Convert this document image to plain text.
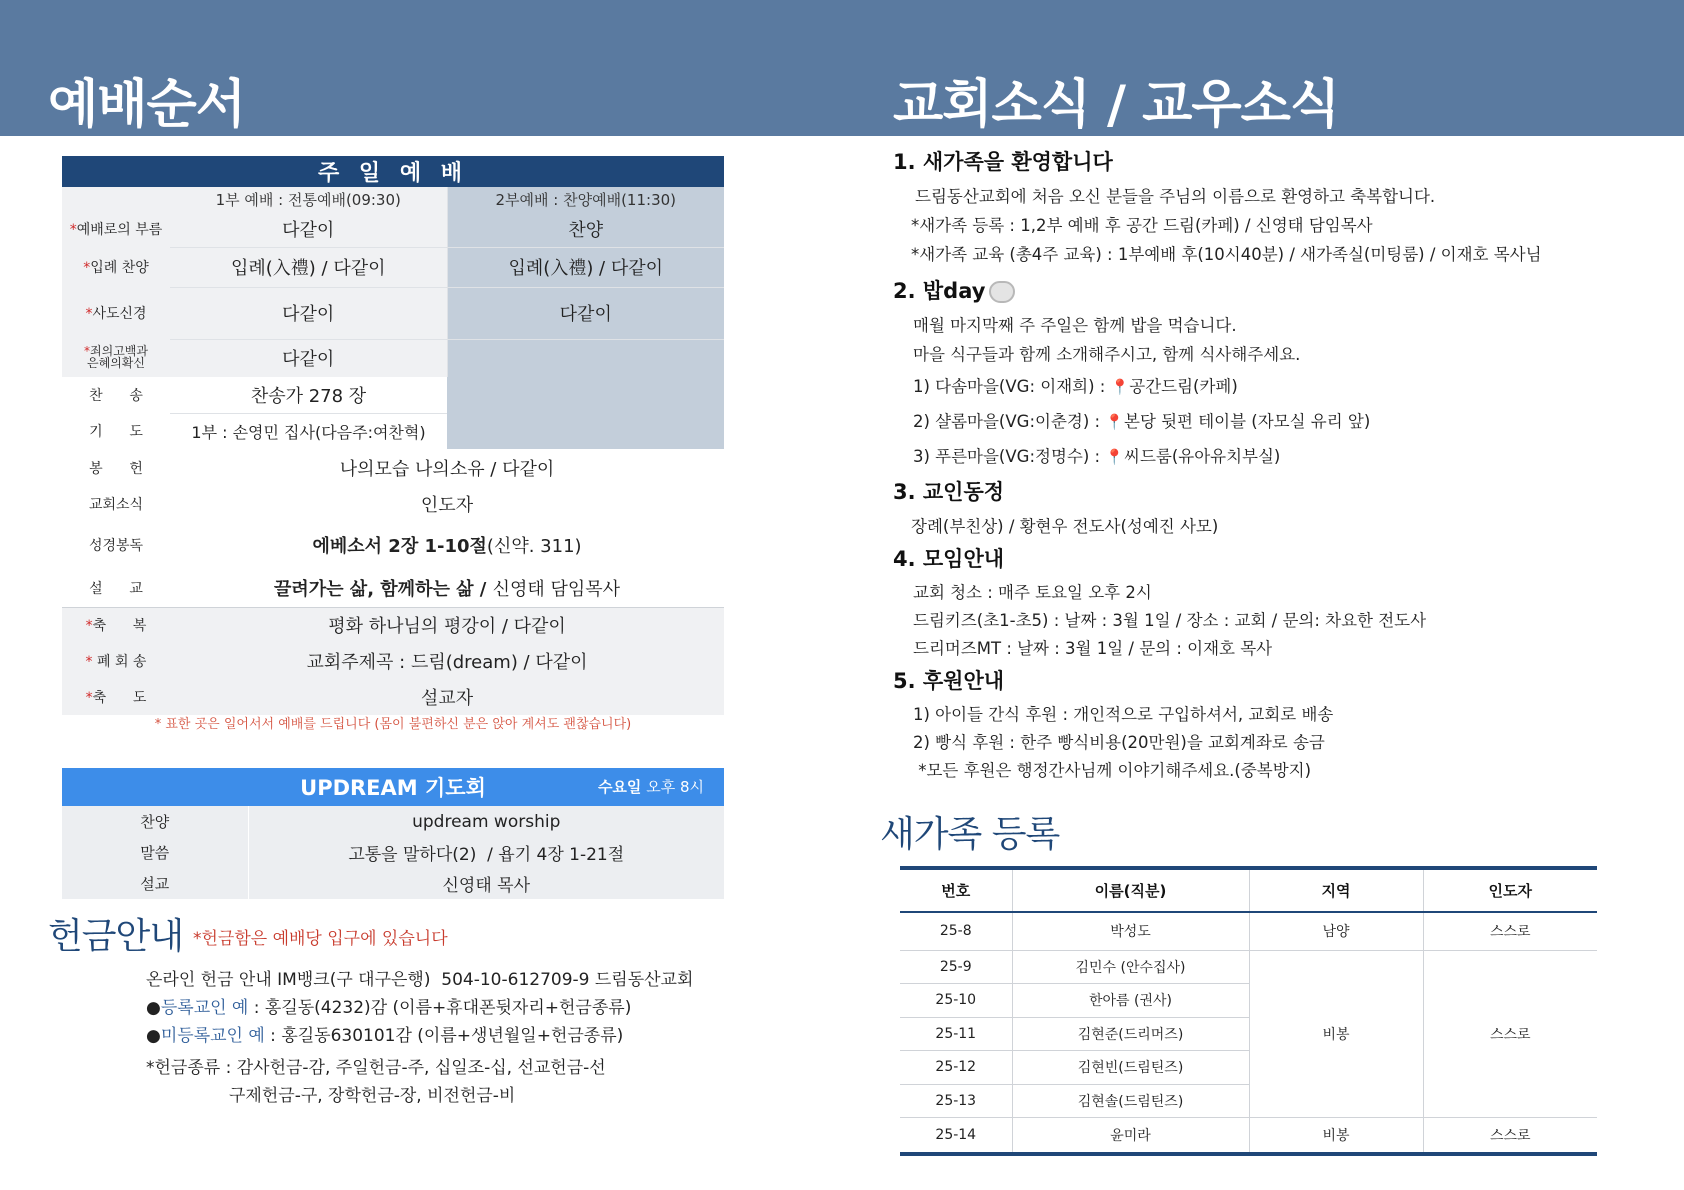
예배순서	교회소식 / 교우소식
주 일 예 배		
	1부 예배 : 전통예배(09:30)	2부예배 : 찬양예배(11:30)
*예배로의 부름	다같이	찬양
*입례 찬양	입례(入禮) / 다같이	입례(入禮) / 다같이
*사도신경	다같이	다같이
*죄의고백과 은혜의확신	다같이	
찬      송	찬송가 278 장	
기      도	1부 : 손영민 집사(다음주:여찬혁)	
봉      헌	나의모습 나의소유 / 다같이	
교회소식	인도자	
성경봉독	에베소서 2장 1-10절(신약. 311)	
설      교	끌려가는 삶, 함께하는 삶 / 신영태 담임목사	
*축      복	평화 하나님의 평강이 / 다같이	
* 폐 회 송	교회주제곡 : 드림(dream) / 다같이	
*축      도	설교자	
* 표한 곳은 일어서서 예배를 드립니다 (몸이 불편하신 분은 앉아 계셔도 괜찮습니다)
UPDREAM 기도회 수요일 오후 8시	

찬양	updream worship
말씀	고통을 말하다(2)  / 욥기 4장 1-21절
설교	신영태 목사
헌금안내 *헌금함은 예배당 입구에 있습니다
온라인 헌금 안내 IM뱅크(구 대구은행)  504-10-612709-9 드림동산교회
●등록교인 예 : 홍길동(4232)감 (이름+휴대폰뒷자리+헌금종류)
●미등록교인 예 : 홍길동630101감 (이름+생년월일+헌금종류)
*헌금종류 : 감사헌금-감, 주일헌금-주, 십일조-십, 선교헌금-선
구제헌금-구, 장학헌금-장, 비전헌금-비
1. 새가족을 환영합니다
드림동산교회에 처음 오신 분들을 주님의 이름으로 환영하고 축복합니다.
*새가족 등록 : 1,2부 예배 후 공간 드림(카페) / 신영태 담임목사
*새가족 교육 (총4주 교육) : 1부예배 후(10시40분) / 새가족실(미팅룸) / 이재호 목사님
2. 밥day
매월 마지막째 주 주일은 함께 밥을 먹습니다.
마을 식구들과 함께 소개해주시고, 함께 식사해주세요.
1) 다솜마을(VG: 이재희) : 📍공간드림(카페)
2) 샬롬마을(VG:이춘경) : 📍본당 뒷편 테이블 (자모실 유리 앞)
3) 푸른마을(VG:정명수) : 📍씨드룸(유아유치부실)
3. 교인동정
장례(부친상) / 황현우 전도사(성예진 사모)
4. 모임안내
교회 청소 : 매주 토요일 오후 2시
드림키즈(초1-초5) : 날짜 : 3월 1일 / 장소 : 교회 / 문의: 차요한 전도사
드리머즈MT : 날짜 : 3월 1일 / 문의 : 이재호 목사
5. 후원안내
1) 아이들 간식 후원 : 개인적으로 구입하셔서, 교회로 배송
2) 빵식 후원 : 한주 빵식비용(20만원)을 교회계좌로 송금
*모든 후원은 행정간사님께 이야기해주세요.(중복방지)
새가족 등록
번호	이름(직분)	지역	인도자
25-8	박성도	남양	스스로
25-9	김민수 (안수집사)	비봉	스스로
25-10	한아름 (권사)		
25-11	김현준(드리머즈)		
25-12	김현빈(드림틴즈)		
25-13	김현솔(드림틴즈)		
25-14	윤미라	비봉	스스로
